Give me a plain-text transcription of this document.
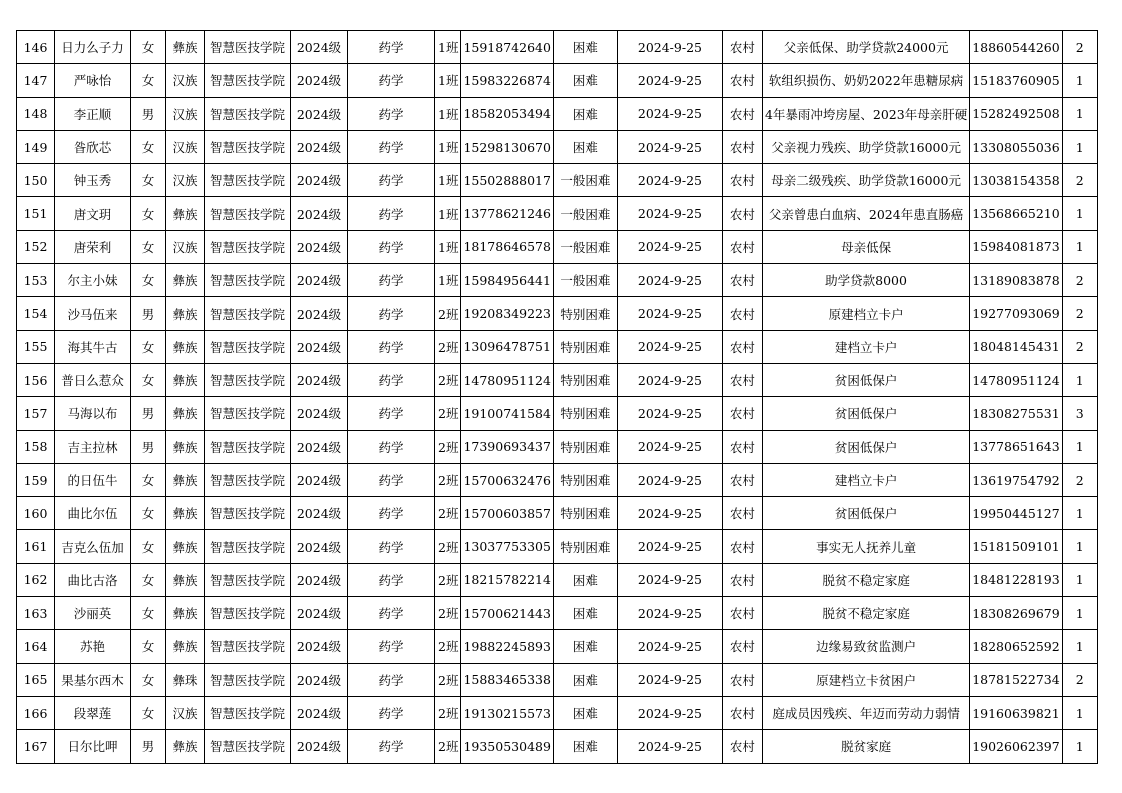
146	日力么子力	女	彝族	智慧医技学院	2024级	药学	1班	15918742640	困难	2024-9-25	农村	父亲低保、助学贷款24000元	18860544260	2
147	严咏怡	女	汉族	智慧医技学院	2024级	药学	1班	15983226874	困难	2024-9-25	农村	软组织损伤、奶奶2022年患糖尿病	15183760905	1
148	李正顺	男	汉族	智慧医技学院	2024级	药学	1班	18582053494	困难	2024-9-25	农村	4年暴雨冲垮房屋、2023年母亲肝硬	15282492508	1
149	昝欣芯	女	汉族	智慧医技学院	2024级	药学	1班	15298130670	困难	2024-9-25	农村	父亲视力残疾、助学贷款16000元	13308055036	1
150	钟玉秀	女	汉族	智慧医技学院	2024级	药学	1班	15502888017	一般困难	2024-9-25	农村	母亲二级残疾、助学贷款16000元	13038154358	2
151	唐文玥	女	彝族	智慧医技学院	2024级	药学	1班	13778621246	一般困难	2024-9-25	农村	父亲曾患白血病、2024年患直肠癌	13568665210	1
152	唐荣利	女	汉族	智慧医技学院	2024级	药学	1班	18178646578	一般困难	2024-9-25	农村	母亲低保	15984081873	1
153	尔主小妹	女	彝族	智慧医技学院	2024级	药学	1班	15984956441	一般困难	2024-9-25	农村	助学贷款8000	13189083878	2
154	沙马伍来	男	彝族	智慧医技学院	2024级	药学	2班	19208349223	特别困难	2024-9-25	农村	原建档立卡户	19277093069	2
155	海其牛古	女	彝族	智慧医技学院	2024级	药学	2班	13096478751	特别困难	2024-9-25	农村	建档立卡户	18048145431	2
156	普日么惹众	女	彝族	智慧医技学院	2024级	药学	2班	14780951124	特别困难	2024-9-25	农村	贫困低保户	14780951124	1
157	马海以布	男	彝族	智慧医技学院	2024级	药学	2班	19100741584	特别困难	2024-9-25	农村	贫困低保户	18308275531	3
158	吉主拉林	男	彝族	智慧医技学院	2024级	药学	2班	17390693437	特别困难	2024-9-25	农村	贫困低保户	13778651643	1
159	的日伍牛	女	彝族	智慧医技学院	2024级	药学	2班	15700632476	特别困难	2024-9-25	农村	建档立卡户	13619754792	2
160	曲比尔伍	女	彝族	智慧医技学院	2024级	药学	2班	15700603857	特别困难	2024-9-25	农村	贫困低保户	19950445127	1
161	吉克么伍加	女	彝族	智慧医技学院	2024级	药学	2班	13037753305	特别困难	2024-9-25	农村	事实无人抚养儿童	15181509101	1
162	曲比古洛	女	彝族	智慧医技学院	2024级	药学	2班	18215782214	困难	2024-9-25	农村	脱贫不稳定家庭	18481228193	1
163	沙丽英	女	彝族	智慧医技学院	2024级	药学	2班	15700621443	困难	2024-9-25	农村	脱贫不稳定家庭	18308269679	1
164	苏艳	女	彝族	智慧医技学院	2024级	药学	2班	19882245893	困难	2024-9-25	农村	边缘易致贫监测户	18280652592	1
165	果基尔西木	女	彝珠	智慧医技学院	2024级	药学	2班	15883465338	困难	2024-9-25	农村	原建档立卡贫困户	18781522734	2
166	段翠莲	女	汉族	智慧医技学院	2024级	药学	2班	19130215573	困难	2024-9-25	农村	庭成员因残疾、年迈而劳动力弱情	19160639821	1
167	日尔比呷	男	彝族	智慧医技学院	2024级	药学	2班	19350530489	困难	2024-9-25	农村	脱贫家庭	19026062397	1
